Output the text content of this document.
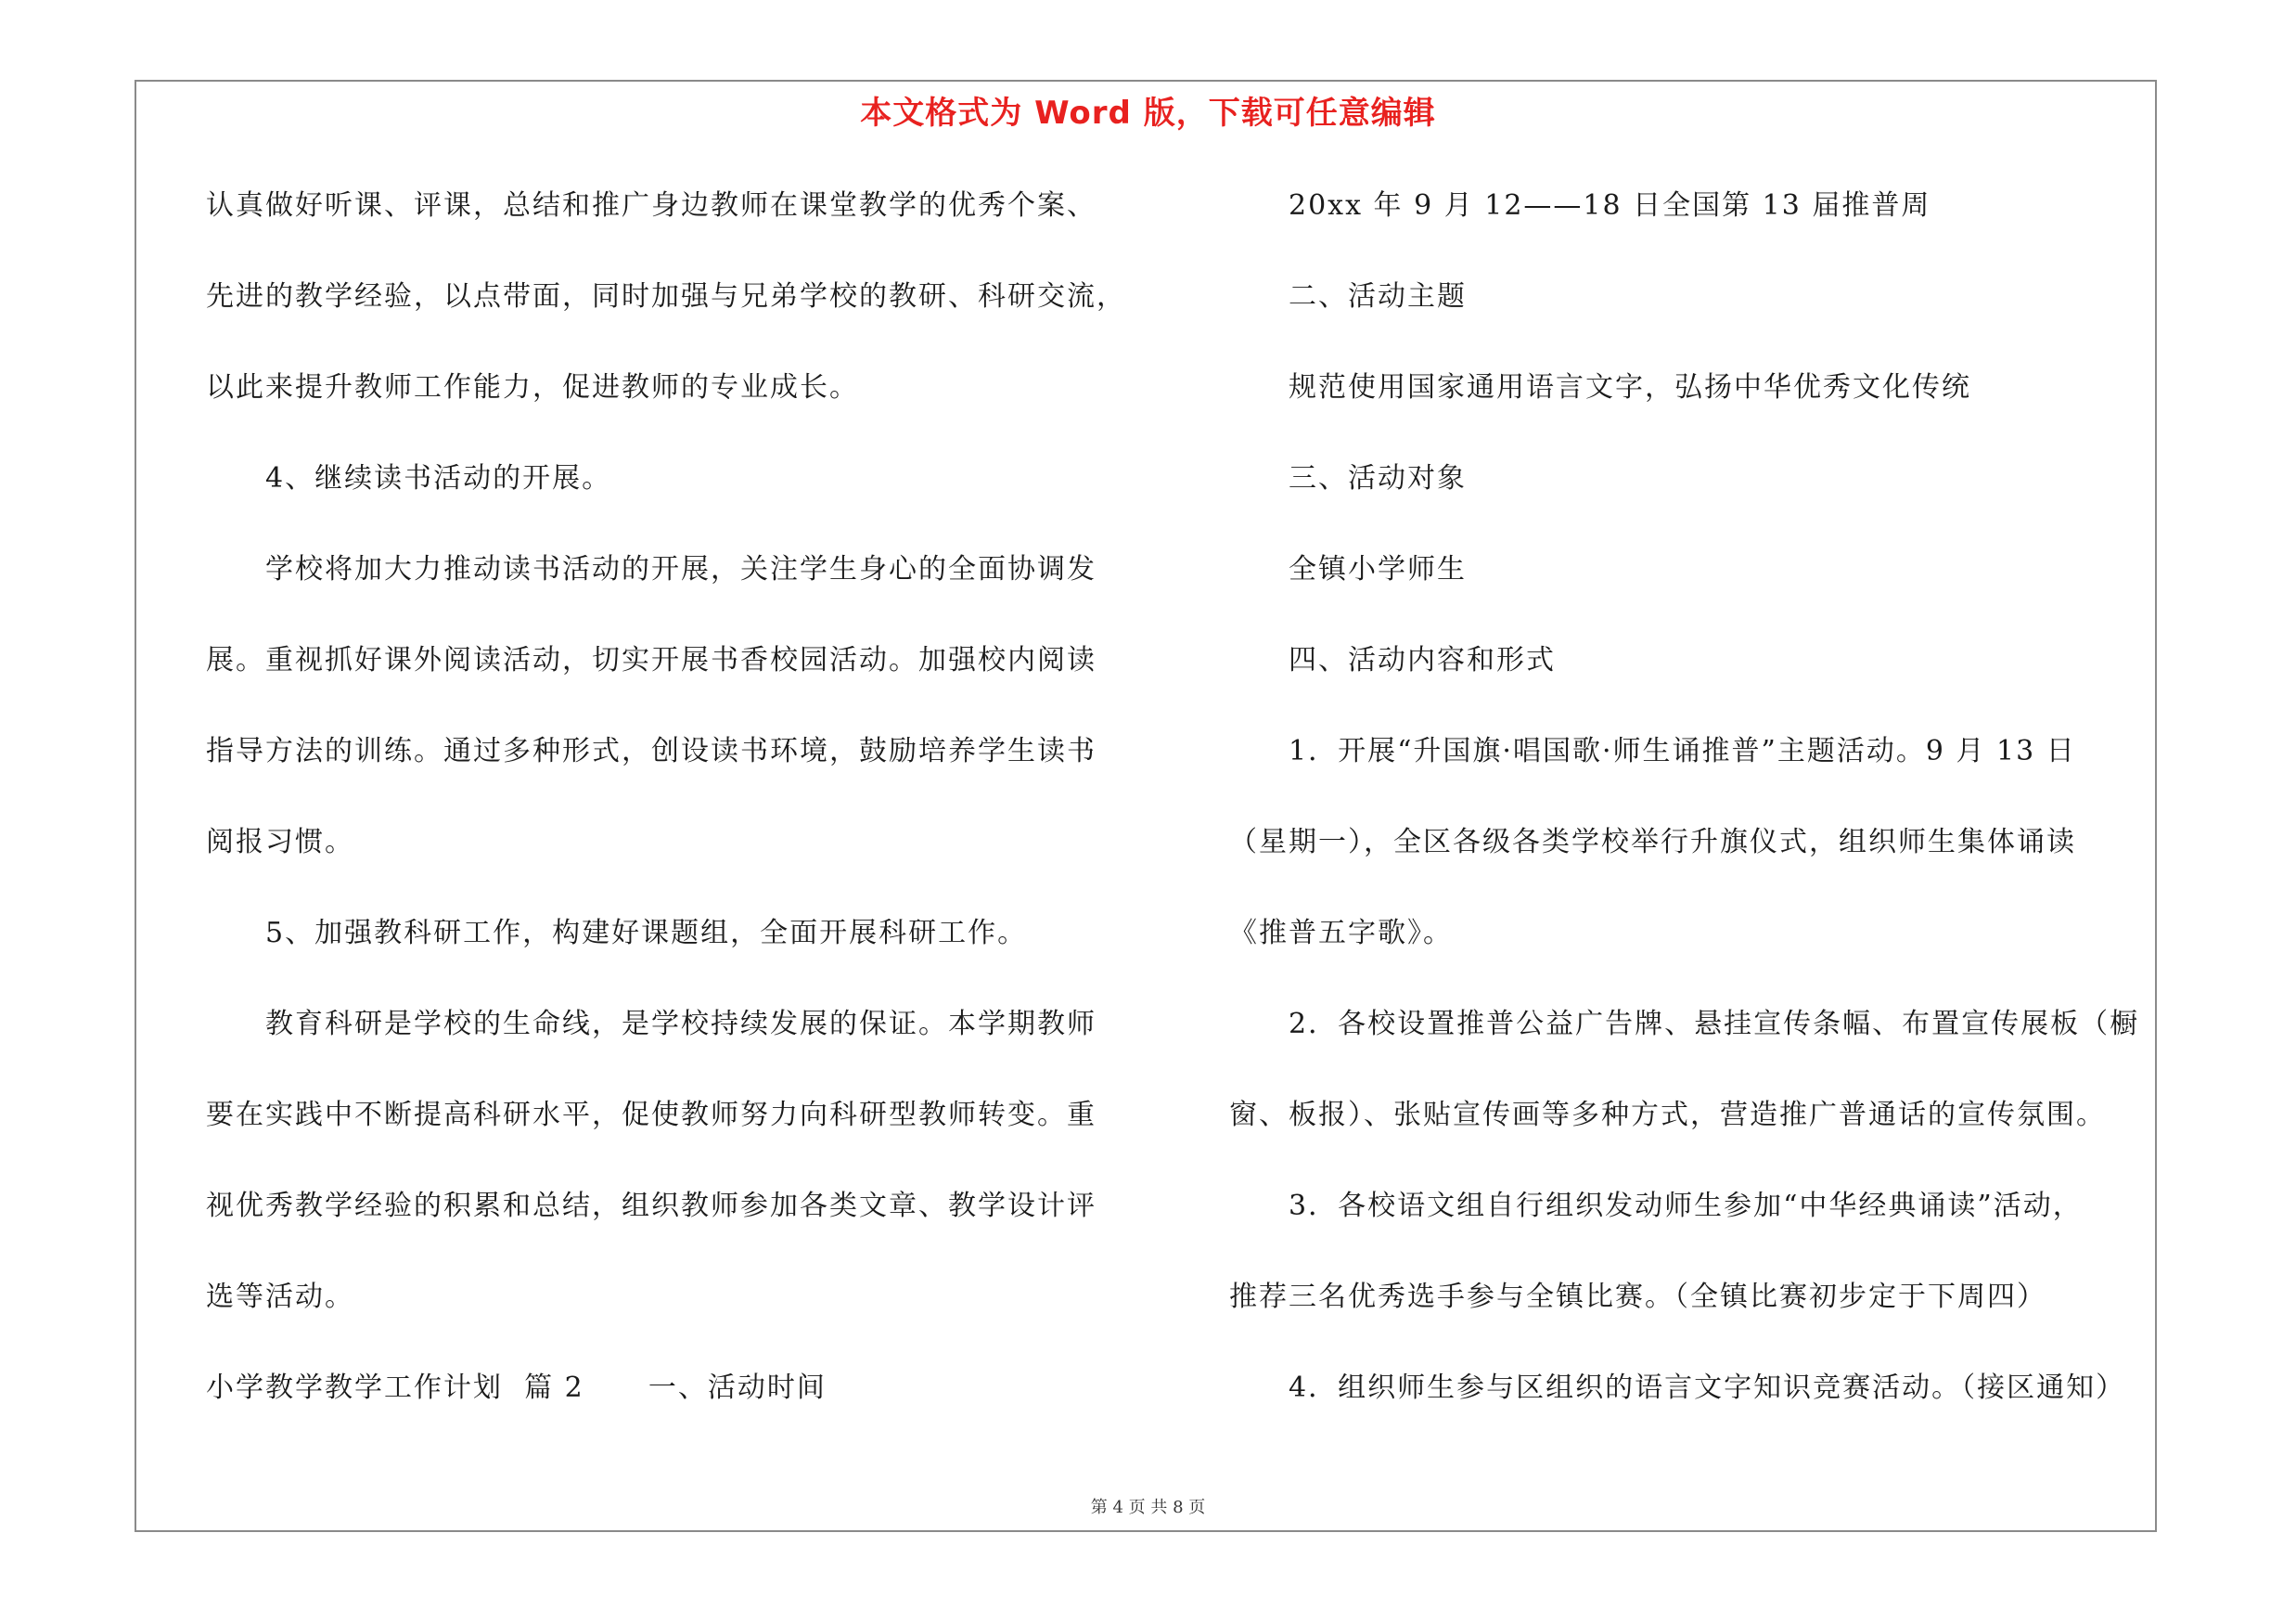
本文格式为 Word 版，下载可任意编辑
认真做好听课、评课，总结和推广身边教师在课堂教学的优秀个案、
先进的教学经验，以点带面，同时加强与兄弟学校的教研、科研交流，
以此来提升教师工作能力，促进教师的专业成长。
4、继续读书活动的开展。
学校将加大力推动读书活动的开展，关注学生身心的全面协调发
展。重视抓好课外阅读活动，切实开展书香校园活动。加强校内阅读
指导方法的训练。通过多种形式，创设读书环境，鼓励培养学生读书
阅报习惯。
5、加强教科研工作，构建好课题组，全面开展科研工作。
教育科研是学校的生命线，是学校持续发展的保证。本学期教师
要在实践中不断提高科研水平，促使教师努力向科研型教师转变。重
视优秀教学经验的积累和总结，组织教师参加各类文章、教学设计评
选等活动。
小学教学教学工作计划  篇 2      一、活动时间
20xx 年 9 月 12——18 日全国第 13 届推普周
二、活动主题
规范使用国家通用语言文字，弘扬中华优秀文化传统
三、活动对象
全镇小学师生
四、活动内容和形式
1．开展“升国旗·唱国歌·师生诵推普”主题活动。9 月 13 日
（星期一），全区各级各类学校举行升旗仪式，组织师生集体诵读
《推普五字歌》。
2．各校设置推普公益广告牌、悬挂宣传条幅、布置宣传展板（橱
窗、板报）、张贴宣传画等多种方式，营造推广普通话的宣传氛围。
3．各校语文组自行组织发动师生参加“中华经典诵读”活动，
推荐三名优秀选手参与全镇比赛。（全镇比赛初步定于下周四）
4．组织师生参与区组织的语言文字知识竞赛活动。（接区通知）
第 4 页 共 8 页
